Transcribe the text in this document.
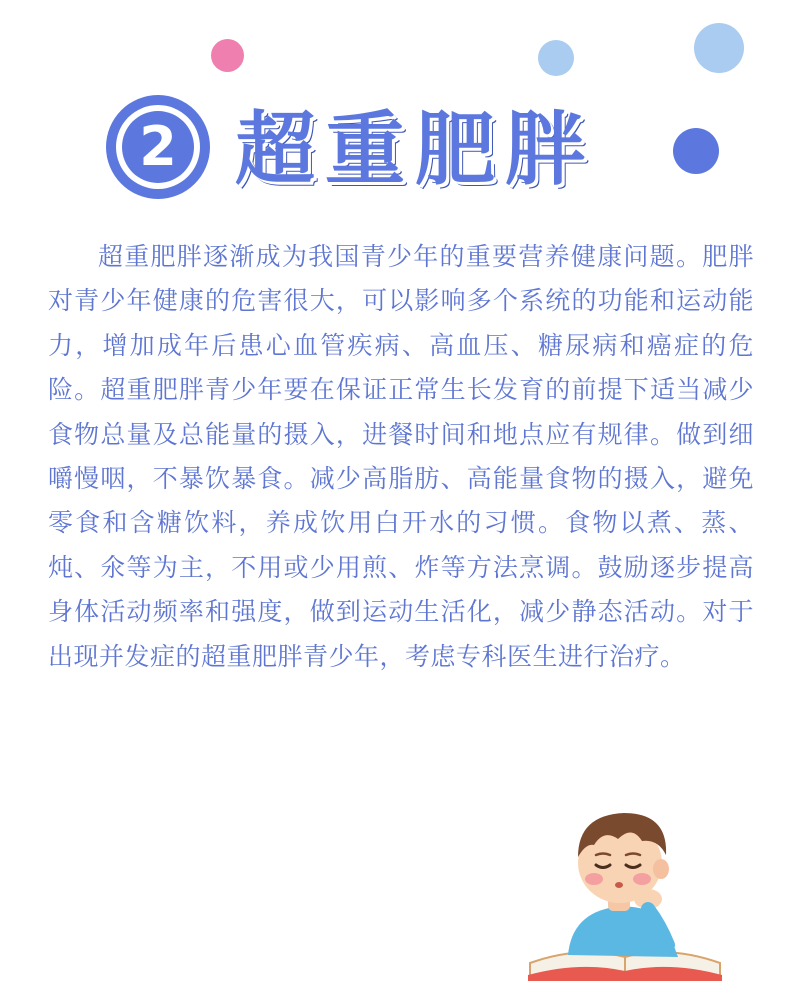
2 超重肥胖
超重肥胖逐渐成为我国青少年的重要营养健康问题。肥胖对青少年健康的危害很大，可以影响多个系统的功能和运动能力，增加成年后患心血管疾病、高血压、糖尿病和癌症的危险。超重肥胖青少年要在保证正常生长发育的前提下适当减少食物总量及总能量的摄入，进餐时间和地点应有规律。做到细嚼慢咽，不暴饮暴食。减少高脂肪、高能量食物的摄入，避免零食和含糖饮料，养成饮用白开水的习惯。食物以煮、蒸、炖、氽等为主，不用或少用煎、炸等方法烹调。鼓励逐步提高身体活动频率和强度，做到运动生活化，减少静态活动。对于出现并发症的超重肥胖青少年，考虑专科医生进行治疗。
